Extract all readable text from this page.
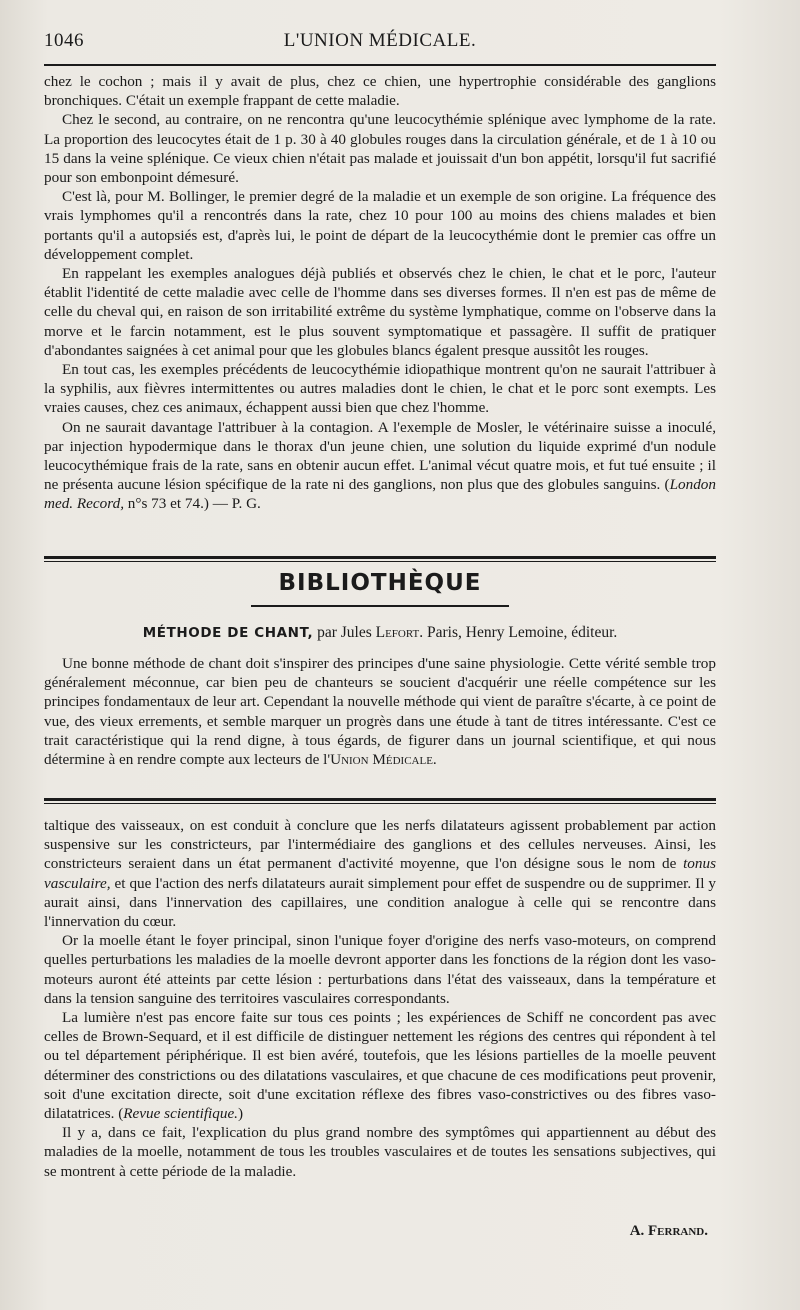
1046	L'UNION MÉDICALE.

chez le cochon ; mais il y avait de plus, chez ce chien, une hypertrophie considérable des ganglions bronchiques. C'était un exemple frappant de cette maladie.

Chez le second, au contraire, on ne rencontra qu'une leucocythémie splénique avec lymphome de la rate. La proportion des leucocytes était de 1 p. 30 à 40 globules rouges dans la circulation générale, et de 1 à 10 ou 15 dans la veine splénique. Ce vieux chien n'était pas malade et jouissait d'un bon appétit, lorsqu'il fut sacrifié pour son embonpoint démesuré.

C'est là, pour M. Bollinger, le premier degré de la maladie et un exemple de son origine. La fréquence des vrais lymphomes qu'il a rencontrés dans la rate, chez 10 pour 100 au moins des chiens malades et bien portants qu'il a autopsiés est, d'après lui, le point de départ de la leucocythémie dont le premier cas offre un développement complet.

En rappelant les exemples analogues déjà publiés et observés chez le chien, le chat et le porc, l'auteur établit l'identité de cette maladie avec celle de l'homme dans ses diverses formes. Il n'en est pas de même de celle du cheval qui, en raison de son irritabilité extrême du système lymphatique, comme on l'observe dans la morve et le farcin notamment, est le plus souvent symptomatique et passagère. Il suffit de pratiquer d'abondantes saignées à cet animal pour que les globules blancs égalent presque aussitôt les rouges.

En tout cas, les exemples précédents de leucocythémie idiopathique montrent qu'on ne saurait l'attribuer à la syphilis, aux fièvres intermittentes ou autres maladies dont le chien, le chat et le porc sont exempts. Les vraies causes, chez ces animaux, échappent aussi bien que chez l'homme.

On ne saurait davantage l'attribuer à la contagion. A l'exemple de Mosler, le vétérinaire suisse a inoculé, par injection hypodermique dans le thorax d'un jeune chien, une solution du liquide exprimé d'un nodule leucocythémique frais de la rate, sans en obtenir aucun effet. L'animal vécut quatre mois, et fut tué ensuite ; il ne présenta aucune lésion spécifique de la rate ni des ganglions, non plus que des globules sanguins. (London med. Record, n°s 73 et 74.) — P. G.

BIBLIOTHÈQUE
MÉTHODE DE CHANT, par Jules Lefort. Paris, Henry Lemoine, éditeur.

Une bonne méthode de chant doit s'inspirer des principes d'une saine physiologie. Cette vérité semble trop généralement méconnue, car bien peu de chanteurs se soucient d'acquérir une réelle compétence sur les principes fondamentaux de leur art. Cependant la nouvelle méthode qui vient de paraître s'écarte, à ce point de vue, des vieux errements, et semble marquer un progrès dans une étude à tant de titres intéressante. C'est ce trait caractéristique qui la rend digne, à tous égards, de figurer dans un journal scientifique, et qui nous détermine à en rendre compte aux lecteurs de l'Union Médicale.

taltique des vaisseaux, on est conduit à conclure que les nerfs dilatateurs agissent probablement par action suspensive sur les constricteurs, par l'intermédiaire des ganglions et des cellules nerveuses. Ainsi, les constricteurs seraient dans un état permanent d'activité moyenne, que l'on désigne sous le nom de tonus vasculaire, et que l'action des nerfs dilatateurs aurait simplement pour effet de suspendre ou de supprimer. Il y aurait ainsi, dans l'innervation des capillaires, une condition analogue à celle qui se rencontre dans l'innervation du cœur.

Or la moelle étant le foyer principal, sinon l'unique foyer d'origine des nerfs vaso-moteurs, on comprend quelles perturbations les maladies de la moelle devront apporter dans les fonctions de la région dont les vaso-moteurs auront été atteints par cette lésion : perturbations dans l'état des vaisseaux, dans la température et dans la tension sanguine des territoires vasculaires correspondants.

La lumière n'est pas encore faite sur tous ces points ; les expériences de Schiff ne concordent pas avec celles de Brown-Sequard, et il est difficile de distinguer nettement les régions des centres qui répondent à tel ou tel département périphérique. Il est bien avéré, toutefois, que les lésions partielles de la moelle peuvent déterminer des constrictions ou des dilatations vasculaires, et que chacune de ces modifications peut provenir, soit d'une excitation directe, soit d'une excitation réflexe des fibres vaso-constrictives ou des fibres vaso-dilatatrices. (Revue scientifique.)

Il y a, dans ce fait, l'explication du plus grand nombre des symptômes qui appartiennent au début des maladies de la moelle, notamment de tous les troubles vasculaires et de toutes les sensations subjectives, qui se montrent à cette période de la maladie.

A. Ferrand.
